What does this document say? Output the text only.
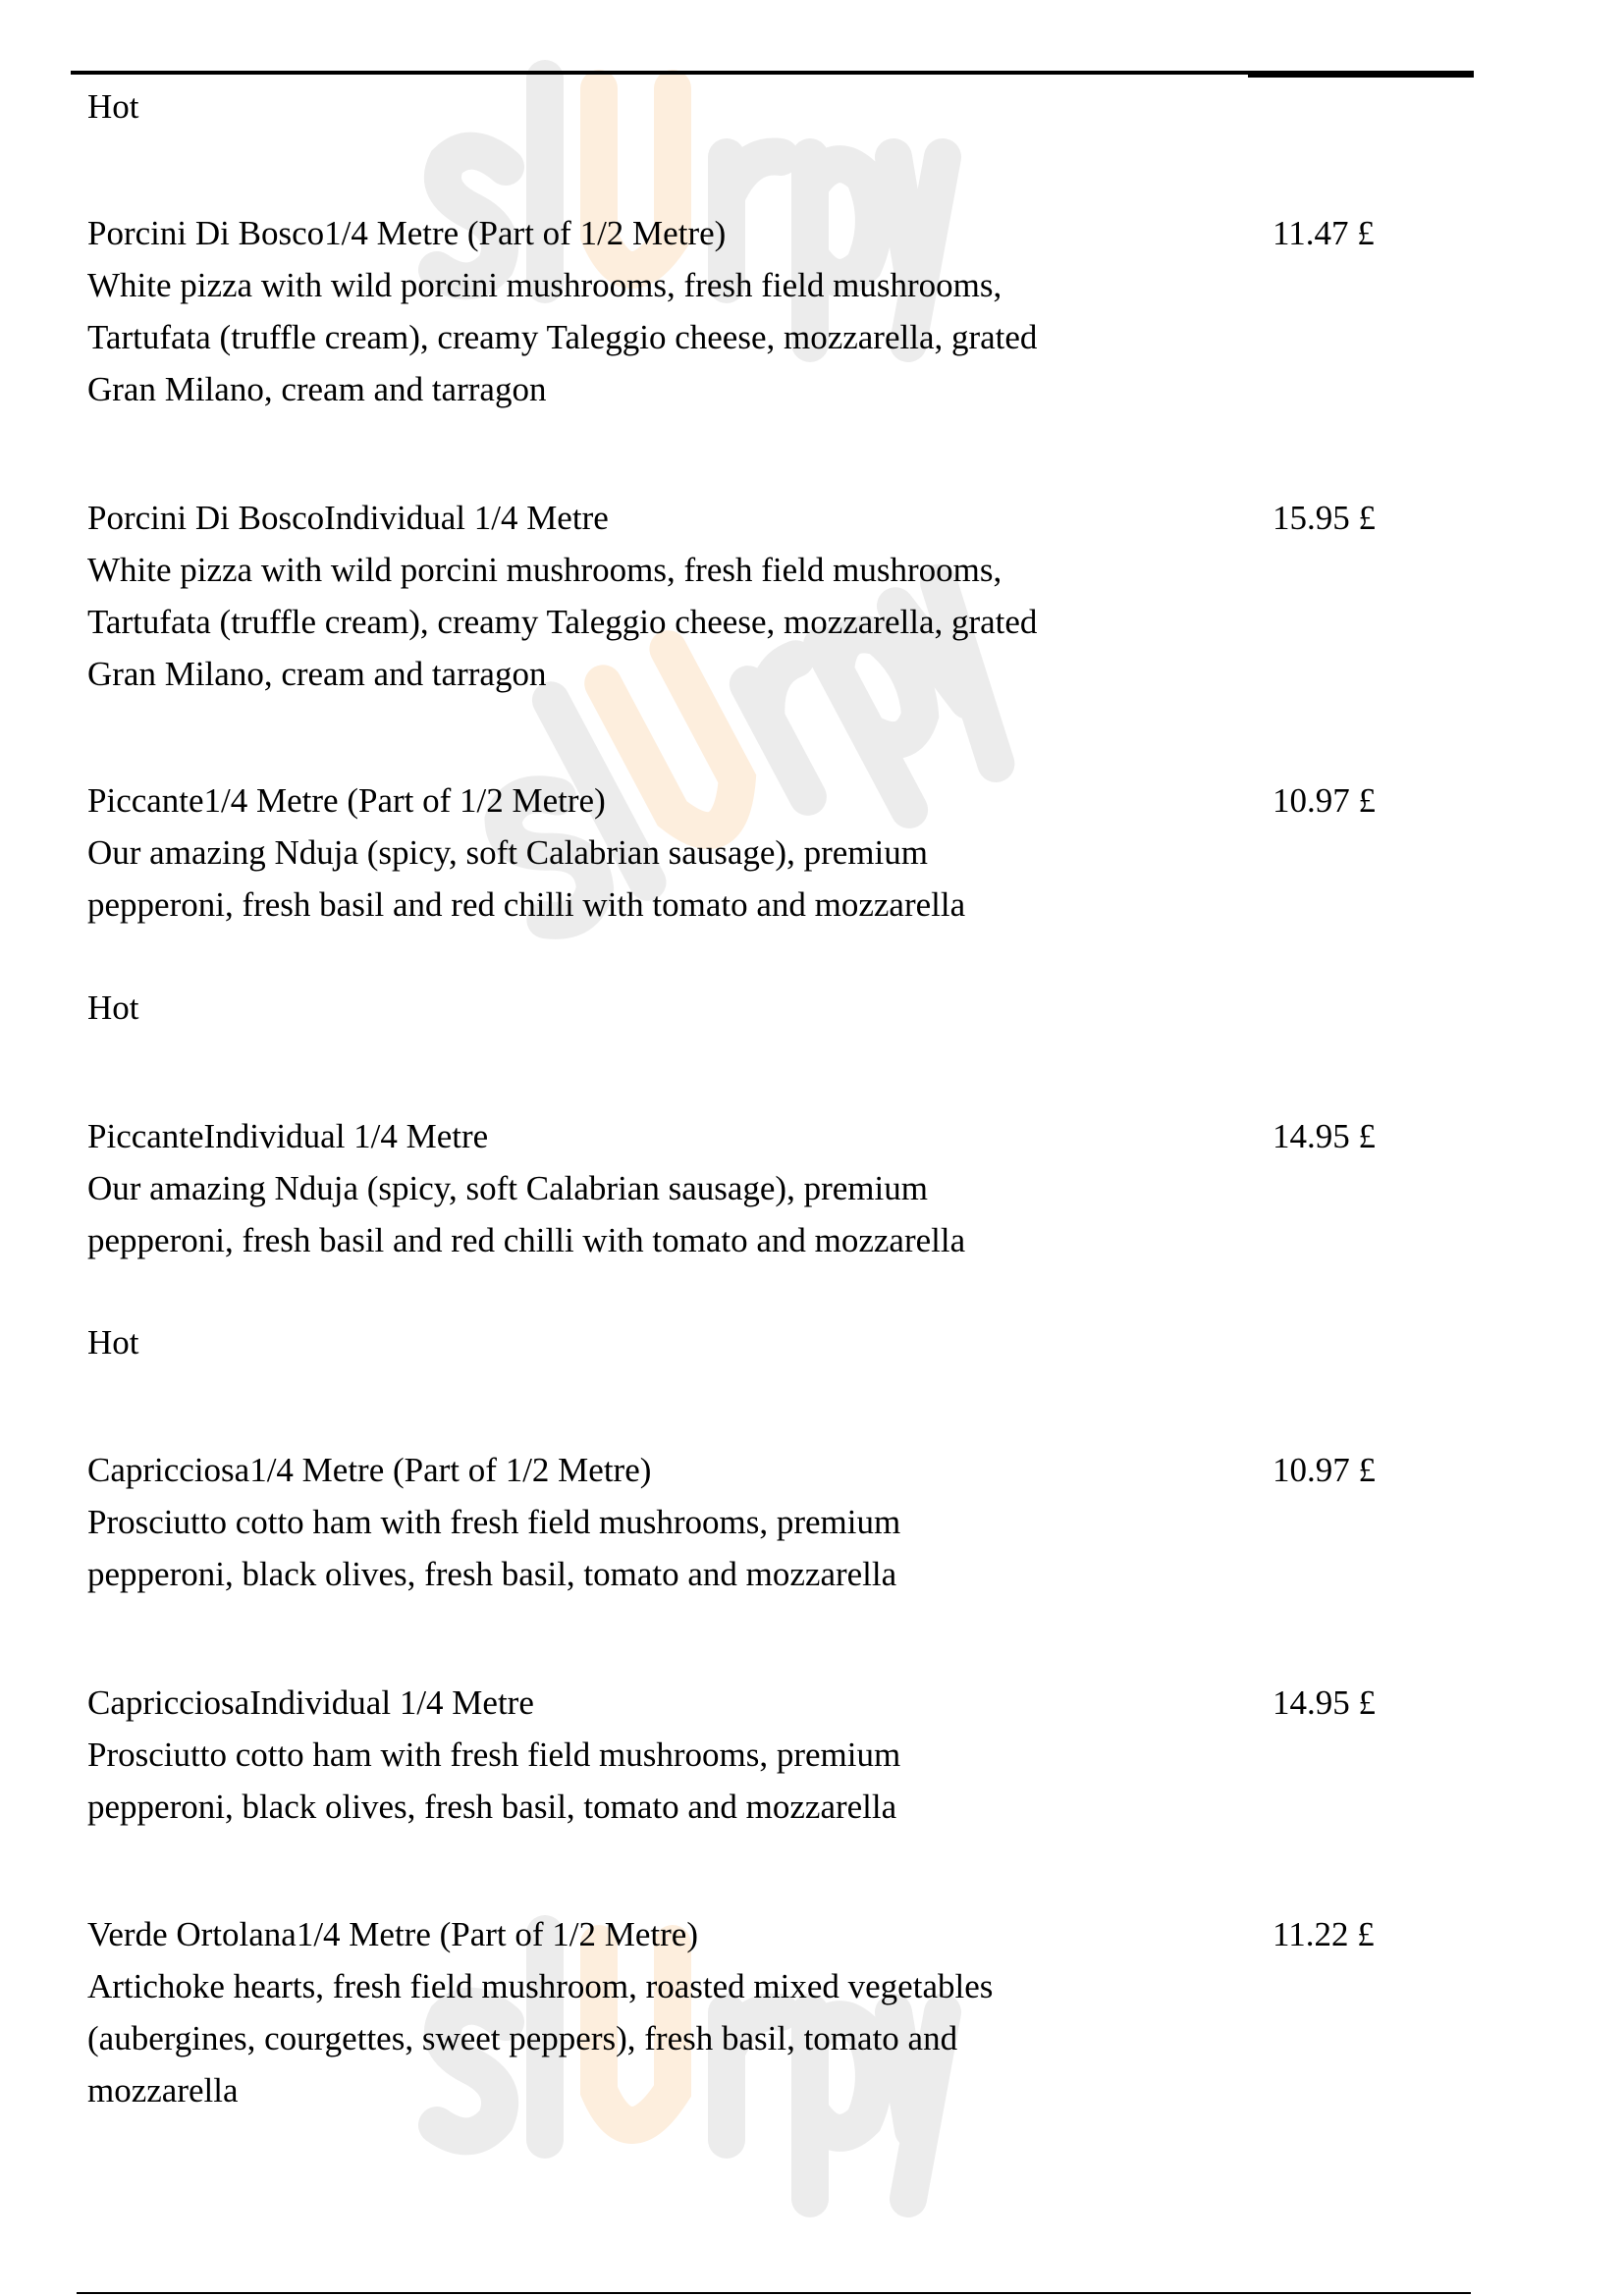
Hot
Porcini Di Bosco1/4 Metre (Part of 1/2 Metre)
White pizza with wild porcini mushrooms, fresh field mushrooms,
Tartufata (truffle cream), creamy Taleggio cheese, mozzarella, grated
Gran Milano, cream and tarragon
11.47 £
Porcini Di BoscoIndividual 1/4 Metre
White pizza with wild porcini mushrooms, fresh field mushrooms,
Tartufata (truffle cream), creamy Taleggio cheese, mozzarella, grated
Gran Milano, cream and tarragon
15.95 £
Piccante1/4 Metre (Part of 1/2 Metre)
Our amazing Nduja (spicy, soft Calabrian sausage), premium
pepperoni, fresh basil and red chilli with tomato and mozzarella
10.97 £
Hot
PiccanteIndividual 1/4 Metre
Our amazing Nduja (spicy, soft Calabrian sausage), premium
pepperoni, fresh basil and red chilli with tomato and mozzarella
14.95 £
Hot
Capricciosa1/4 Metre (Part of 1/2 Metre)
Prosciutto cotto ham with fresh field mushrooms, premium
pepperoni, black olives, fresh basil, tomato and mozzarella
10.97 £
CapricciosaIndividual 1/4 Metre
Prosciutto cotto ham with fresh field mushrooms, premium
pepperoni, black olives, fresh basil, tomato and mozzarella
14.95 £
Verde Ortolana1/4 Metre (Part of 1/2 Metre)
Artichoke hearts, fresh field mushroom, roasted mixed vegetables
(aubergines, courgettes, sweet peppers), fresh basil, tomato and
mozzarella
11.22 £
